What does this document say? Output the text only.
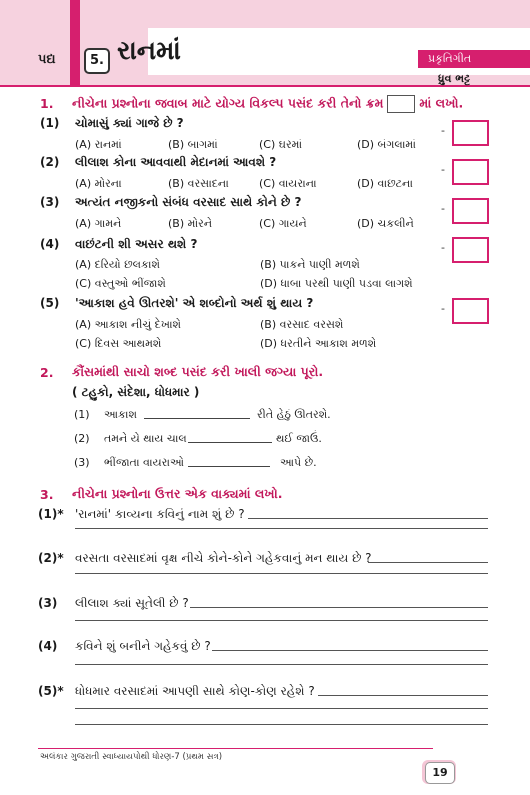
પદ્ય	5. રાનમાં	પ્રકૃતિગીત
ધ્રુવ ભટ્ટ
1. નીચેના પ્રશ્નોના જવાબ માટે યોગ્ય વિકલ્પ પસંદ કરી તેનો ક્રમ	માં લખો.
(1) ચોમાસું ક્યાં ગાજે છે ?
(A) રાનમાં	(B) બાગમાં	(C) ઘરમાં	(D) બંગલામાં
-
(2) લીલાશ કોના આવવાથી મેદાનમાં આવશે ?
(A) મોરના	(B) વરસાદના	(C) વાયરાના	(D) વાછટના
-
(3) અત્યંત નજીકનો સંબંધ વરસાદ સાથે કોને છે ?
(A) ગામને	(B) મોરને	(C) ગાયને	(D) ચકલીને
-
(4) વાછંટની શી અસર થશે ?
(A) દરિયો છલકાશે	(B) પાકને પાણી મળશે
(C) વસ્તુઓ ભીંજાશે	(D) ધાબા પરથી પાણી પડવા લાગશે
-
(5) 'આકાશ હવે ઊતરશે' એ શબ્દોનો અર્થ શું થાય ?
(A) આકાશ નીચું દેખાશે	(B) વરસાદ વરસશે
(C) દિવસ આથમશે	(D) ધરતીને આકાશ મળશે
-
2. કૌંસમાંથી સાચો શબ્દ પસંદ કરી ખાલી જગ્યા પૂરો.
( ટહુકો, સંદેશા, ધોધમાર )
(1) આકાશ	રીતે હેઠું ઊતરશે.
(2) તમને યે થાય ચાલ	થઈ જાઉં.
(3) ભીંજાતા વાયરાઓ	આપે છે.
3. નીચેના પ્રશ્નોના ઉત્તર એક વાક્યમાં લખો.
(1)* 'રાનમાં' કાવ્યના કવિનું નામ શું છે ?
(2)* વરસતા વરસાદમાં વૃક્ષ નીચે કોને-કોને ગહેકવાનું મન થાય છે ?
(3) લીલાશ ક્યાં સૂતેલી છે ?
(4) કવિને શું બનીને ગહેકવું છે ?
(5)* ધોધમાર વરસાદમાં આપણી સાથે કોણ-કોણ રહેશે ?
અલંકાર ગુજરાતી સ્વાધ્યાયપોથી ધોરણ-7 (પ્રથમ સત્ર)
19
